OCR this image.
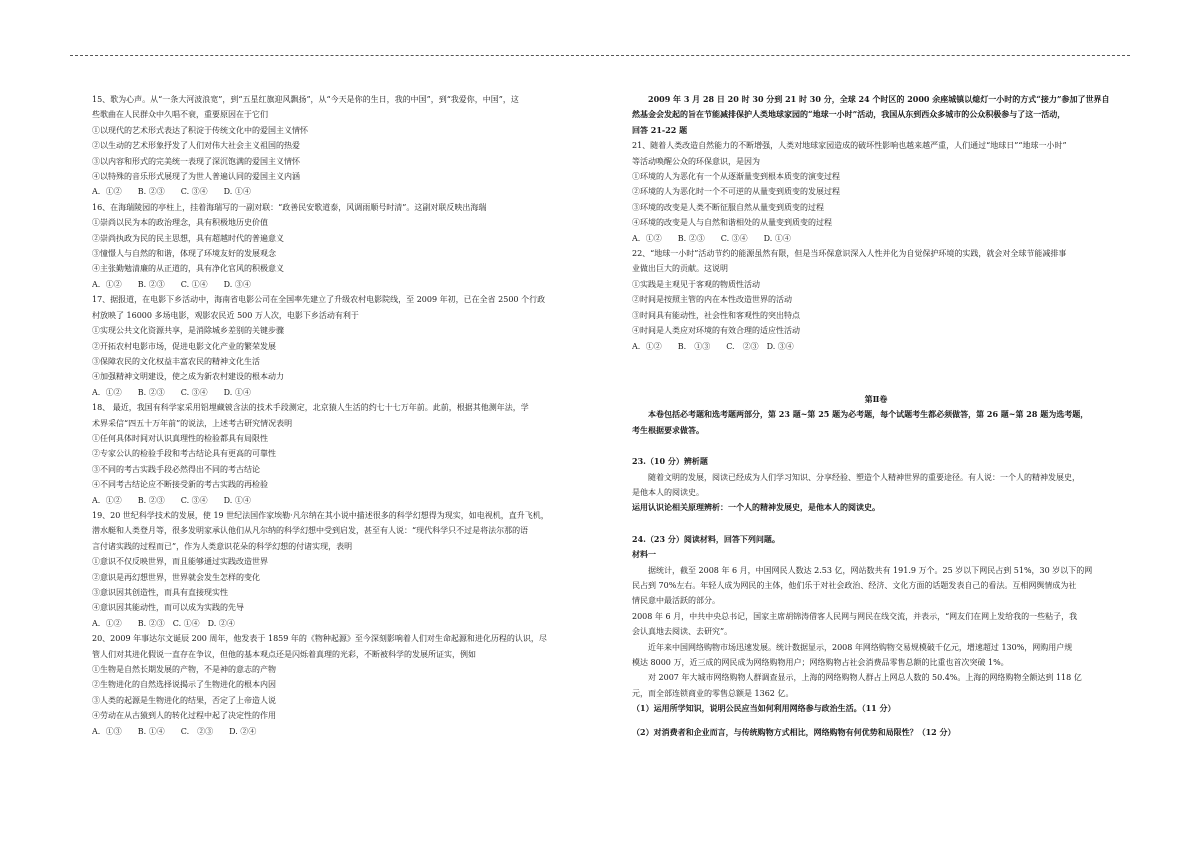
15、歌为心声。从“一条大河波浪宽”，到“五星红旗迎风飘扬”，从“今天是你的生日，我的中国”，到“我爱你，中国”，这
些歌曲在人民群众中久唱不衰，重要原因在于它们
①以现代的艺术形式表达了积淀于传统文化中的爱国主义情怀
②以生动的艺术形象抒发了人们对伟大社会主义祖国的热爱
③以内容和形式的完美统一表现了深沉饱满的爱国主义情怀
④以特殊的音乐形式展现了为世人普遍认同的爱国主义内涵
A．①②　　B. ②③　　C. ③④　　D. ①④
16、在海瑞陵园的亭柱上，挂着海瑞写的一副对联：“政善民安歌道泰，风调雨顺号时清”。这副对联反映出海瑞
①崇尚以民为本的政治理念，具有积极地历史价值
②崇尚执政为民的民主思想，具有超越时代的普遍意义
③憧憬人与自然的和谐，体现了环境友好的发展观念
④主张勤勉清廉的从正道的，具有净化官风的积极意义
A．①②　　B. ②③　　C. ①④　　D. ③④
17、据报道，在电影下乡活动中，海南省电影公司在全国率先建立了升级农村电影院线，至 2009 年初，已在全省 2500 个行政
村放映了 16000 多场电影，观影农民近 500 万人次，电影下乡活动有利于
①实现公共文化资源共享，是消除城乡差别的关键步骤
②开拓农村电影市场，促进电影文化产业的繁荣发展
③保障农民的文化权益丰富农民的精神文化生活
④加强精神文明建设，使之成为新农村建设的根本动力
A．①②　　B. ②③　　C. ③④　　D. ①④
18、 最近，我国有科学家采用铝埋藏铍含法的技术手段测定，北京猿人生活的约七十七万年前。此前，根据其他测年法，学
术界采信“四五十万年前”的说法，上述考古研究情况表明
①任何具体时间对认识真理性的检验都具有局限性
②专家公认的检验手段和考古结论具有更高的可靠性
③不同的考古实践手段必然得出不同的考古结论
④不同考古结论应不断接受新的考古实践的再检验
A．①②　　B. ②③　　C. ③④　　D. ①④
19、20 世纪科学技术的发展，使 19 世纪法国作家埃勒·凡尔纳在其小说中描述很多的科学幻想得为现实，如电视机，直升飞机，
潜水艇和人类登月等，很多发明家承认他们从凡尔纳的科学幻想中受到启发，甚至有人说：“现代科学只不过是将法尔那的语
言付诸实践的过程而已”，作为人类意识花朵的科学幻想的付诸实现，表明
①意识不仅反映世界，而且能够通过实践改造世界
②意识是再幻想世界，世界就会发生怎样的变化
③意识因其创造性，而具有直接现实性
④意识因其能动性，而可以成为实践的先导
A．①②　　B. ②③　C. ①④　D. ②④
20、2009 年事达尔文诞辰 200 周年，他发表于 1859 年的《物种起源》至今深刻影响着人们对生命起源和进化历程的认识，尽
管人们对其进化假说一直存在争议，但他的基本观点还是闪烁着真理的光彩，不断被科学的发展所证实，例如
①生物是自然长期发展的产物，不是神的意志的产物
②生物进化的自然选择说揭示了生物进化的根本内因
③人类的起源是生物进化的结果，否定了上帝造人说
④劳动在从古猿到人的转化过程中起了决定性的作用
A．①③　　B. ①④　　C.　②③　　D. ②④
2009 年 3 月 28 日 20 时 30 分到 21 时 30 分，全球 24 个时区的 2000 余座城镇以熄灯一小时的方式“接力”参加了世界自
然基金会发起的旨在节能减排保护人类地球家园的“地球一小时”活动，我国从东到西众多城市的公众积极参与了这一活动，
回答 21-22 题
21、随着人类改造自然能力的不断增强，人类对地球家园造成的破坏性影响也越来越严重，人们通过“地球日”“地球一小时”
等活动唤醒公众的环保意识，是因为
①环境的人为恶化有一个从逐渐量变到根本质变的演变过程
②环境的人为恶化时一个不可逆的从量变到质变的发展过程
③环境的改变是人类不断征服自然从量变到质变的过程
④环境的改变是人与自然和谐相处的从量变到质变的过程
A．①②　　B. ②③　　C. ③④　　D. ①④
22、“地球一小时”活动节约的能源虽然有限，但是当环保意识深入人性并化为自觉保护环境的实践，就会对全球节能减排事
业做出巨大的贡献。这说明
①实践是主观见于客观的物质性活动
②时间是按照主管的内在本性改造世界的活动
③时间具有能动性，社会性和客观性的突出特点
④时间是人类应对环境的有效合理的适应性活动
A．①②　　B.　①③　　C.　②③　D. ③④
第Ⅱ卷
本卷包括必考题和选考题两部分，第 23 题~第 25 题为必考题，每个试题考生都必须做答，第 26 题~第 28 题为选考题，
考生根据要求做答。
23.（10 分）辨析题
随着文明的发展，阅读已经成为人们学习知识、分享经验、塑造个人精神世界的重要途径。有人说：一个人的精神发展史，
是他本人的阅读史。
运用认识论相关原理辨析：一个人的精神发展史，是他本人的阅读史。
24.（23 分）阅读材料，回答下列问题。
材料一
据统计，截至 2008 年 6 月，中国网民人数达 2.53 亿，网站数共有 191.9 万个。25 岁以下网民占到 51%，30 岁以下的网
民占到 70%左右。年轻人成为网民的主体，他们乐于对社会政治、经济、文化方面的话题发表自己的看法。互相网舆情成为社
情民意中最活跃的部分。
2008 年 6 月，中共中央总书记，国家主席胡锦涛借客人民网与网民在线交流，并表示，“网友们在网上发给我的一些粘子，我
会认真地去阅读、去研究”。
近年来中国网络购物市场迅速发展。统计数据显示，2008 年网络购物交易规模破千亿元，增速超过 130%，网购用户规
模达 8000 万，近三成的网民成为网络购物用户；网络购物占社会消费品零售总额的比重也首次突破 1%。
对 2007 年大城市网络购物人群调查显示，上海的网络购物人群占上网总人数的 50.4%。上海的网络购物全额达到 118 亿
元，而全部连锁商业的零售总额是 1362 亿。
（1）运用所学知识，说明公民应当如何利用网络参与政治生活。（11 分）
（2）对消费者和企业而言，与传统购物方式相比，网络购物有何优势和局限性？（12 分）
